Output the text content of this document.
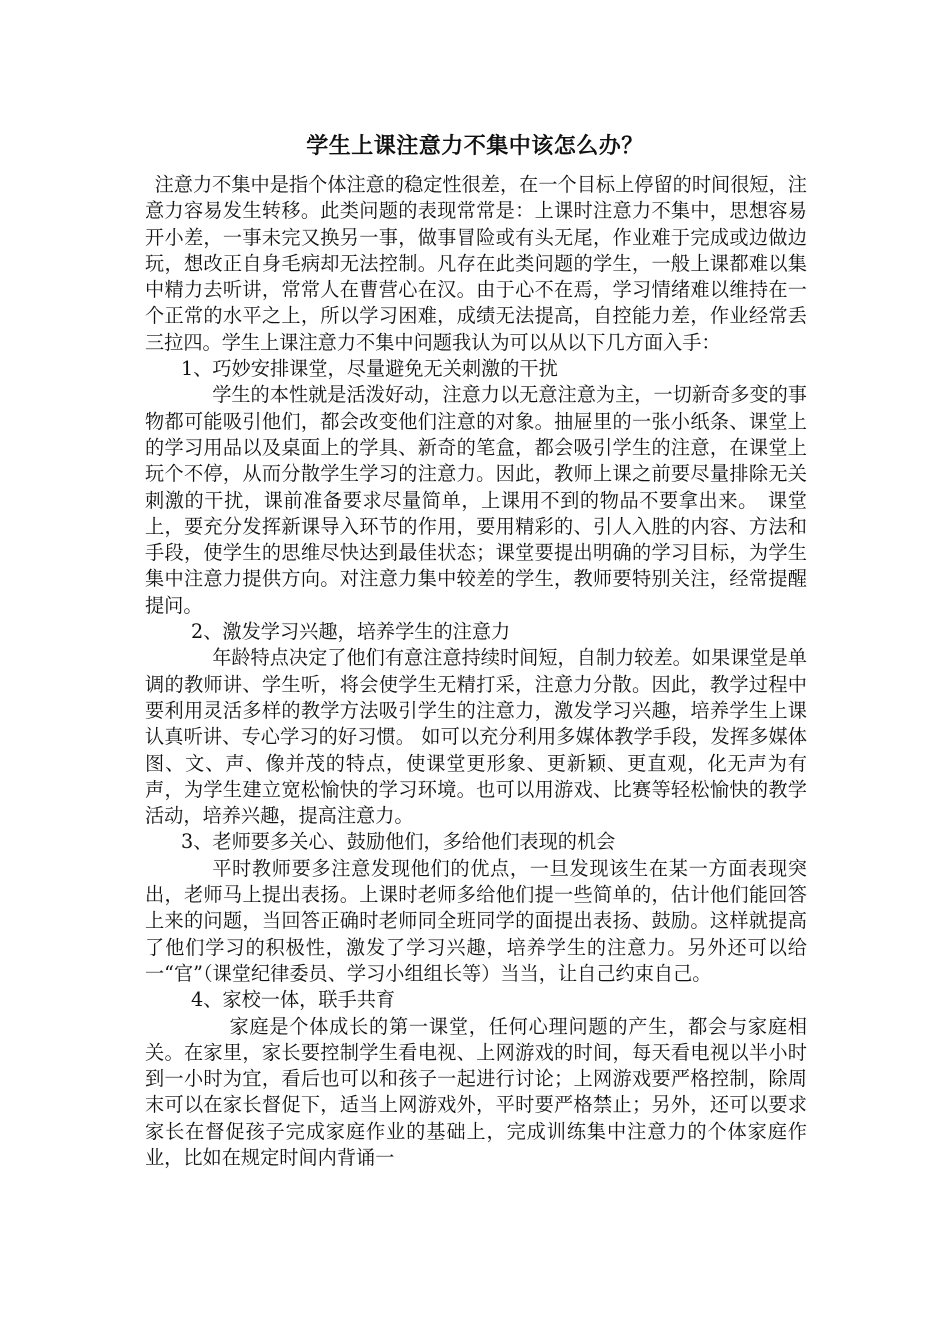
学生上课注意力不集中该怎么办？

注意力不集中是指个体注意的稳定性很差，在一个目标上停留的时间很短，注意力容易发生转移。此类问题的表现常常是：上课时注意力不集中，思想容易开小差，一事未完又换另一事，做事冒险或有头无尾，作业难于完成或边做边玩，想改正自身毛病却无法控制。凡存在此类问题的学生，一般上课都难以集中精力去听讲，常常人在曹营心在汉。由于心不在焉，学习情绪难以维持在一个正常的水平之上，所以学习困难，成绩无法提高，自控能力差，作业经常丢三拉四。学生上课注意力不集中问题我认为可以从以下几方面入手：

1、巧妙安排课堂，尽量避免无关刺激的干扰

学生的本性就是活泼好动，注意力以无意注意为主，一切新奇多变的事物都可能吸引他们，都会改变他们注意的对象。抽屉里的一张小纸条、课堂上的学习用品以及桌面上的学具、新奇的笔盒，都会吸引学生的注意，在课堂上玩个不停，从而分散学生学习的注意力。因此，教师上课之前要尽量排除无关刺激的干扰，课前准备要求尽量简单，上课用不到的物品不要拿出来。　课堂上，要充分发挥新课导入环节的作用，要用精彩的、引人入胜的内容、方法和手段，使学生的思维尽快达到最佳状态；课堂要提出明确的学习目标，为学生集中注意力提供方向。对注意力集中较差的学生，教师要特别关注，经常提醒提问。

2、激发学习兴趣，培养学生的注意力

年龄特点决定了他们有意注意持续时间短，自制力较差。如果课堂是单调的教师讲、学生听，将会使学生无精打采，注意力分散。因此，教学过程中要利用灵活多样的教学方法吸引学生的注意力，激发学习兴趣，培养学生上课认真听讲、专心学习的好习惯。 如可以充分利用多媒体教学手段，发挥多媒体图、文、声、像并茂的特点，使课堂更形象、更新颖、更直观，化无声为有声，为学生建立宽松愉快的学习环境。也可以用游戏、比赛等轻松愉快的教学活动，培养兴趣，提高注意力。

3、老师要多关心、鼓励他们，多给他们表现的机会

平时教师要多注意发现他们的优点，一旦发现该生在某一方面表现突出，老师马上提出表扬。上课时老师多给他们提一些简单的，估计他们能回答上来的问题，当回答正确时老师同全班同学的面提出表扬、鼓励。这样就提高了他们学习的积极性，激发了学习兴趣，培养学生的注意力。另外还可以给一“官”（课堂纪律委员、学习小组组长等）当当，让自己约束自己。

4、家校一体，联手共育

家庭是个体成长的第一课堂，任何心理问题的产生，都会与家庭相关。在家里，家长要控制学生看电视、上网游戏的时间，每天看电视以半小时到一小时为宜，看后也可以和孩子一起进行讨论；上网游戏要严格控制，除周末可以在家长督促下，适当上网游戏外，平时要严格禁止；另外，还可以要求家长在督促孩子完成家庭作业的基础上，完成训练集中注意力的个体家庭作业，比如在规定时间内背诵一
